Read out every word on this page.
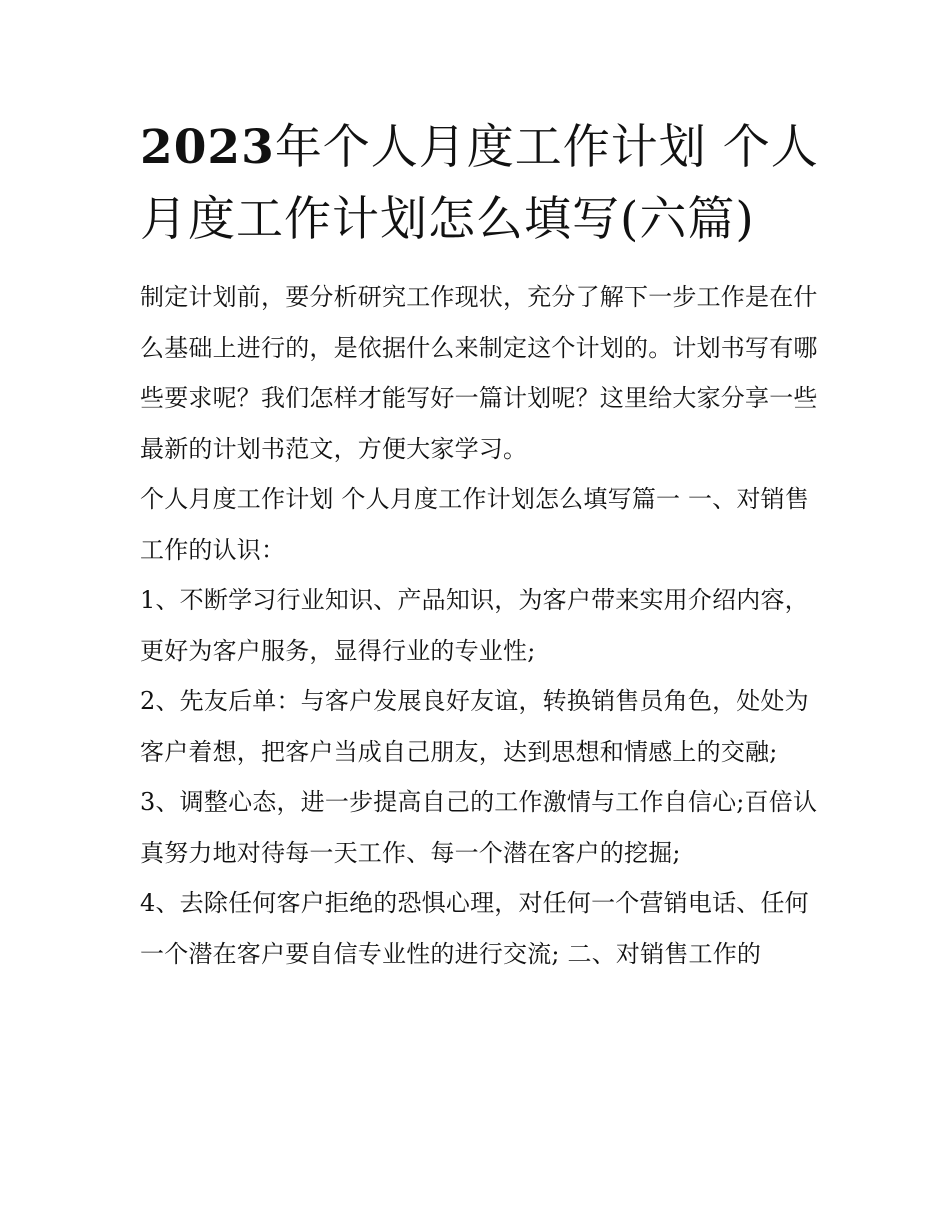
2023年个人月度工作计划 个人月度工作计划怎么填写(六篇)

制定计划前，要分析研究工作现状，充分了解下一步工作是在什么基础上进行的，是依据什么来制定这个计划的。计划书写有哪些要求呢？我们怎样才能写好一篇计划呢？这里给大家分享一些最新的计划书范文，方便大家学习。

个人月度工作计划 个人月度工作计划怎么填写篇一 一、对销售工作的认识：

1、不断学习行业知识、产品知识，为客户带来实用介绍内容，更好为客户服务，显得行业的专业性;

2、先友后单：与客户发展良好友谊，转换销售员角色，处处为客户着想，把客户当成自己朋友，达到思想和情感上的交融;

3、调整心态，进一步提高自己的工作激情与工作自信心;百倍认真努力地对待每一天工作、每一个潜在客户的挖掘;

4、去除任何客户拒绝的恐惧心理，对任何一个营销电话、任何一个潜在客户要自信专业性的进行交流; 二、对销售工作的
